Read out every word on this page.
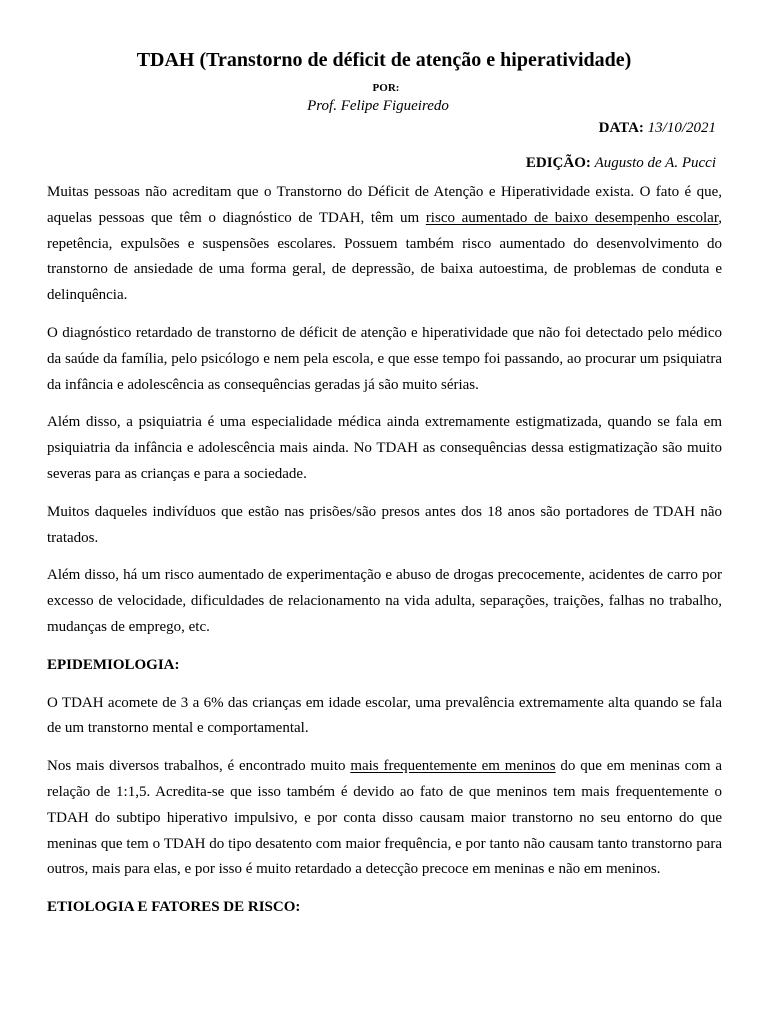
TDAH (Transtorno de déficit de atenção e hiperatividade)
POR:
Prof. Felipe Figueiredo
DATA: 13/10/2021
EDIÇÃO: Augusto de A. Pucci

Muitas pessoas não acreditam que o Transtorno do Déficit de Atenção e Hiperatividade exista. O fato é que, aquelas pessoas que têm o diagnóstico de TDAH, têm um risco aumentado de baixo desempenho escolar, repetência, expulsões e suspensões escolares. Possuem também risco aumentado do desenvolvimento do transtorno de ansiedade de uma forma geral, de depressão, de baixa autoestima, de problemas de conduta e delinquência.

O diagnóstico retardado de transtorno de déficit de atenção e hiperatividade que não foi detectado pelo médico da saúde da família, pelo psicólogo e nem pela escola, e que esse tempo foi passando, ao procurar um psiquiatra da infância e adolescência as consequências geradas já são muito sérias.

Além disso, a psiquiatria é uma especialidade médica ainda extremamente estigmatizada, quando se fala em psiquiatria da infância e adolescência mais ainda. No TDAH as consequências dessa estigmatização são muito severas para as crianças e para a sociedade.

Muitos daqueles indivíduos que estão nas prisões/são presos antes dos 18 anos são portadores de TDAH não tratados.

Além disso, há um risco aumentado de experimentação e abuso de drogas precocemente, acidentes de carro por excesso de velocidade, dificuldades de relacionamento na vida adulta, separações, traições, falhas no trabalho, mudanças de emprego, etc.

EPIDEMIOLOGIA:

O TDAH acomete de 3 a 6% das crianças em idade escolar, uma prevalência extremamente alta quando se fala de um transtorno mental e comportamental.

Nos mais diversos trabalhos, é encontrado muito mais frequentemente em meninos do que em meninas com a relação de 1:1,5. Acredita-se que isso também é devido ao fato de que meninos tem mais frequentemente o TDAH do subtipo hiperativo impulsivo, e por conta disso causam maior transtorno no seu entorno do que meninas que tem o TDAH do tipo desatento com maior frequência, e por tanto não causam tanto transtorno para outros, mais para elas, e por isso é muito retardado a detecção precoce em meninas e não em meninos.

ETIOLOGIA E FATORES DE RISCO:
